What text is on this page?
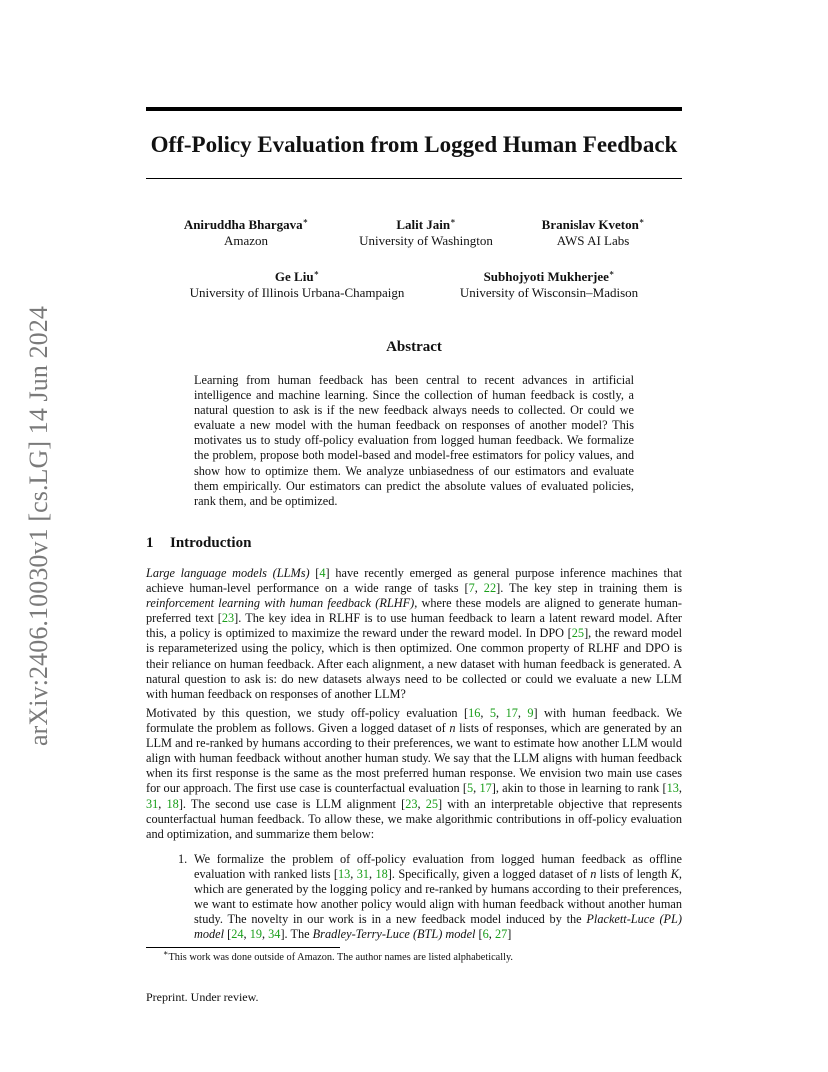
arXiv:2406.10030v1 [cs.LG] 14 Jun 2024
Off-Policy Evaluation from Logged Human Feedback
Aniruddha Bhargava∗
Amazon
Lalit Jain∗
University of Washington
Branislav Kveton∗
AWS AI Labs
Ge Liu∗
University of Illinois Urbana-Champaign
Subhojyoti Mukherjee∗
University of Wisconsin–Madison
Abstract

Learning from human feedback has been central to recent advances in artificial intelligence and machine learning. Since the collection of human feedback is costly, a natural question to ask is if the new feedback always needs to collected. Or could we evaluate a new model with the human feedback on responses of another model? This motivates us to study off-policy evaluation from logged human feedback. We formalize the problem, propose both model-based and model-free estimators for policy values, and show how to optimize them. We analyze unbiasedness of our estimators and evaluate them empirically. Our estimators can predict the absolute values of evaluated policies, rank them, and be optimized.

1 Introduction

Large language models (LLMs) [4] have recently emerged as general purpose inference machines that achieve human-level performance on a wide range of tasks [7, 22]. The key step in training them is reinforcement learning with human feedback (RLHF), where these models are aligned to generate human-preferred text [23]. The key idea in RLHF is to use human feedback to learn a latent reward model. After this, a policy is optimized to maximize the reward under the reward model. In DPO [25], the reward model is reparameterized using the policy, which is then optimized. One common property of RLHF and DPO is their reliance on human feedback. After each alignment, a new dataset with human feedback is generated. A natural question to ask is: do new datasets always need to be collected or could we evaluate a new LLM with human feedback on responses of another LLM?

Motivated by this question, we study off-policy evaluation [16, 5, 17, 9] with human feedback. We formulate the problem as follows. Given a logged dataset of n lists of responses, which are generated by an LLM and re-ranked by humans according to their preferences, we want to estimate how another LLM would align with human feedback without another human study. We say that the LLM aligns with human feedback when its first response is the same as the most preferred human response. We envision two main use cases for our approach. The first use case is counterfactual evaluation [5, 17], akin to those in learning to rank [13, 31, 18]. The second use case is LLM alignment [23, 25] with an interpretable objective that represents counterfactual human feedback. To allow these, we make algorithmic contributions in off-policy evaluation and optimization, and summarize them below:

1. We formalize the problem of off-policy evaluation from logged human feedback as offline evaluation with ranked lists [13, 31, 18]. Specifically, given a logged dataset of n lists of length K, which are generated by the logging policy and re-ranked by humans according to their preferences, we want to estimate how another policy would align with human feedback without another human study. The novelty in our work is in a new feedback model induced by the Plackett-Luce (PL) model [24, 19, 34]. The Bradley-Terry-Luce (BTL) model [6, 27]
∗This work was done outside of Amazon. The author names are listed alphabetically.
Preprint. Under review.
